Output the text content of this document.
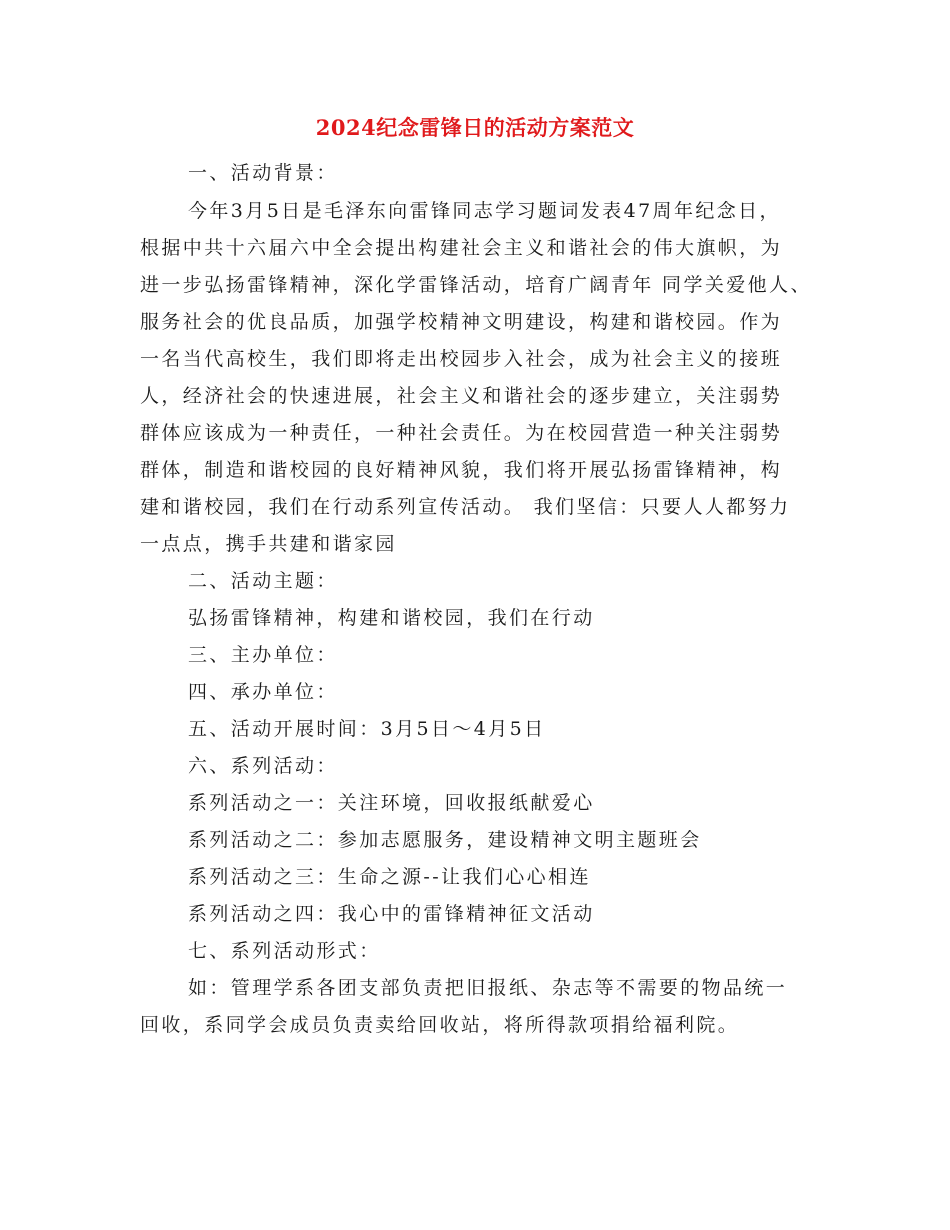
2024纪念雷锋日的活动方案范文
一、活动背景：
今年3月5日是毛泽东向雷锋同志学习题词发表47周年纪念日，
根据中共十六届六中全会提出构建社会主义和谐社会的伟大旗帜，为
进一步弘扬雷锋精神，深化学雷锋活动，培育广阔青年 同学关爱他人、
服务社会的优良品质，加强学校精神文明建设，构建和谐校园。作为
一名当代高校生，我们即将走出校园步入社会，成为社会主义的接班
人，经济社会的快速进展，社会主义和谐社会的逐步建立，关注弱势
群体应该成为一种责任，一种社会责任。为在校园营造一种关注弱势
群体，制造和谐校园的良好精神风貌，我们将开展弘扬雷锋精神，构
建和谐校园，我们在行动系列宣传活动。 我们坚信：只要人人都努力
一点点，携手共建和谐家园
二、活动主题：
弘扬雷锋精神，构建和谐校园，我们在行动
三、主办单位：
四、承办单位：
五、活动开展时间：3月5日～4月5日
六、系列活动：
系列活动之一：关注环境，回收报纸献爱心
系列活动之二：参加志愿服务，建设精神文明主题班会
系列活动之三：生命之源--让我们心心相连
系列活动之四：我心中的雷锋精神征文活动
七、系列活动形式：
如：管理学系各团支部负责把旧报纸、杂志等不需要的物品统一
回收，系同学会成员负责卖给回收站，将所得款项捐给福利院。
